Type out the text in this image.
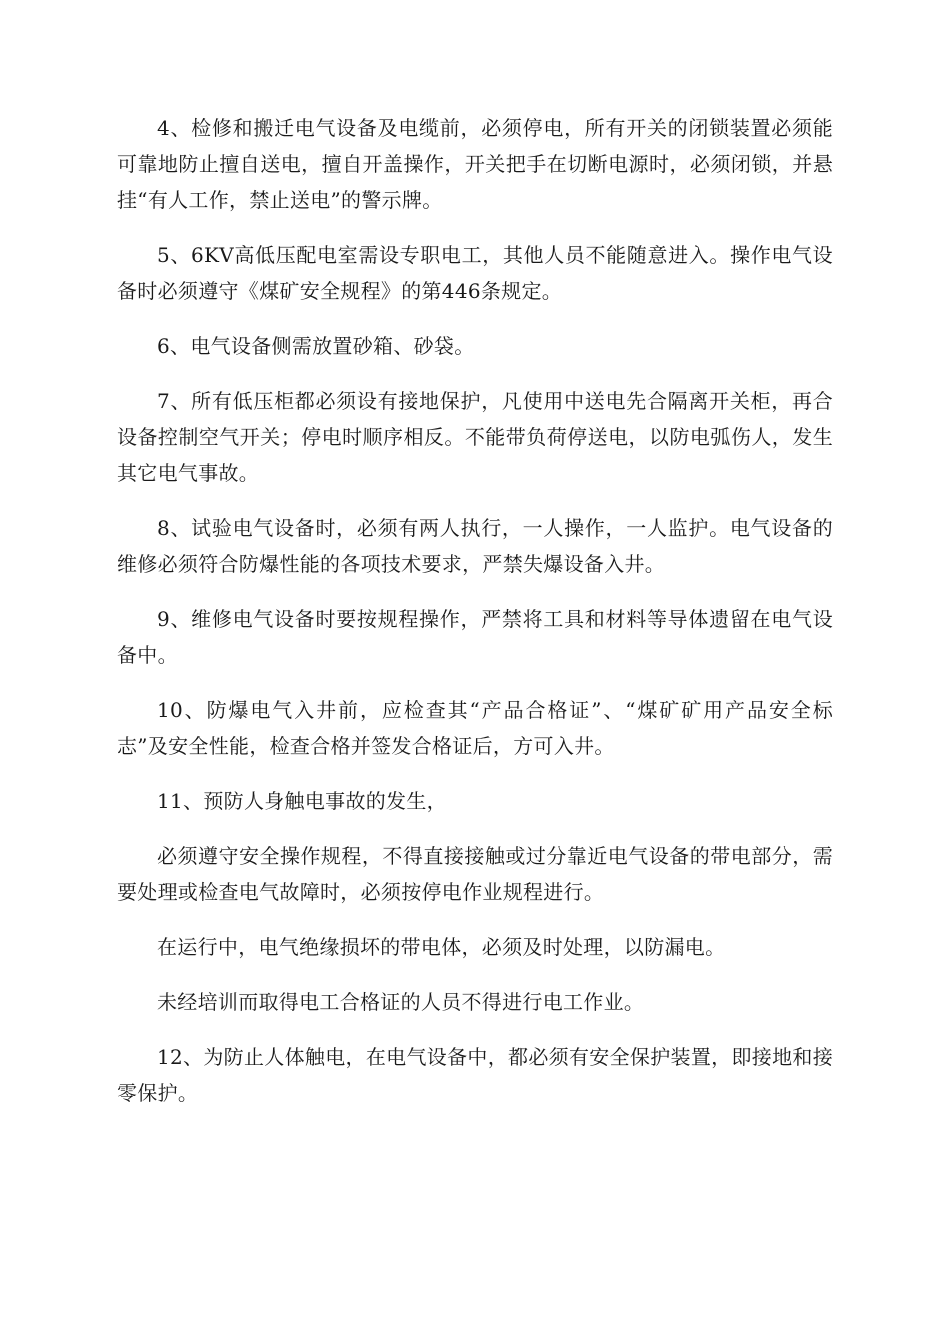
4、检修和搬迁电气设备及电缆前，必须停电，所有开关的闭锁装置必须能可靠地防止擅自送电，擅自开盖操作，开关把手在切断电源时，必须闭锁，并悬挂“有人工作，禁止送电”的警示牌。

5、6KV高低压配电室需设专职电工，其他人员不能随意进入。操作电气设备时必须遵守《煤矿安全规程》的第446条规定。

6、电气设备侧需放置砂箱、砂袋。

7、所有低压柜都必须设有接地保护，凡使用中送电先合隔离开关柜，再合设备控制空气开关；停电时顺序相反。不能带负荷停送电，以防电弧伤人，发生其它电气事故。

8、试验电气设备时，必须有两人执行，一人操作，一人监护。电气设备的维修必须符合防爆性能的各项技术要求，严禁失爆设备入井。

9、维修电气设备时要按规程操作，严禁将工具和材料等导体遗留在电气设备中。

10、防爆电气入井前，应检查其“产品合格证”、“煤矿矿用产品安全标志”及安全性能，检查合格并签发合格证后，方可入井。

11、预防人身触电事故的发生，

必须遵守安全操作规程，不得直接接触或过分靠近电气设备的带电部分，需要处理或检查电气故障时，必须按停电作业规程进行。

在运行中，电气绝缘损坏的带电体，必须及时处理，以防漏电。

未经培训而取得电工合格证的人员不得进行电工作业。

12、为防止人体触电，在电气设备中，都必须有安全保护装置，即接地和接零保护。
